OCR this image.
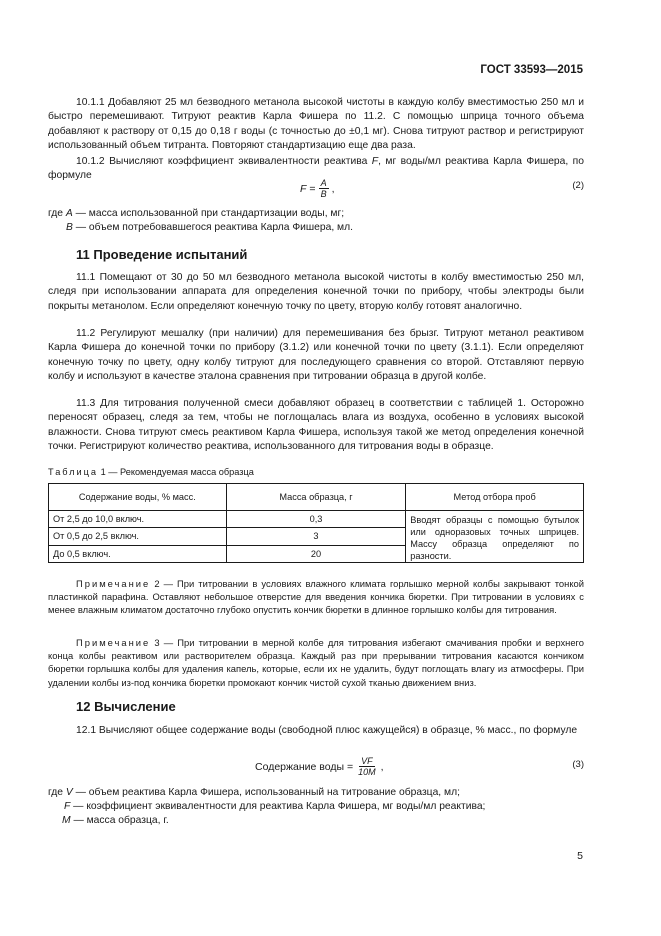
ГОСТ 33593—2015

10.1.1 Добавляют 25 мл безводного метанола высокой чистоты в каждую колбу вместимостью 250 мл и быстро перемешивают. Титруют реактив Карла Фишера по 11.2. С помощью шприца точного объема добавляют к раствору от 0,15 до 0,18 г воды (с точностью до ±0,1 мг). Снова титруют раствор и регистрируют использованный объем титранта. Повторяют стандартизацию еще два раза.

10.1.2 Вычисляют коэффициент эквивалентности реактива F, мг воды/мл реактива Карла Фишера, по формуле

$F = \frac{A}{B}$ ,	(2)

где A — масса использованной при стандартизации воды, мг;

B — объем потребовавшегося реактива Карла Фишера, мл.

11 Проведение испытаний

11.1 Помещают от 30 до 50 мл безводного метанола высокой чистоты в колбу вместимостью 250 мл, следя при использовании аппарата для определения конечной точки по прибору, чтобы электроды были покрыты метанолом. Если определяют конечную точку по цвету, вторую колбу готовят аналогично.

11.2 Регулируют мешалку (при наличии) для перемешивания без брызг. Титруют метанол реактивом Карла Фишера до конечной точки по прибору (3.1.2) или конечной точки по цвету (3.1.1). Если определяют конечную точку по цвету, одну колбу титруют для последующего сравнения со второй. Отставляют первую колбу и используют в качестве эталона сравнения при титровании образца в другой колбе.

11.3 Для титрования полученной смеси добавляют образец в соответствии с таблицей 1. Осторожно переносят образец, следя за тем, чтобы не поглощалась влага из воздуха, особенно в условиях высокой влажности. Снова титруют смесь реактивом Карла Фишера, используя такой же метод определения конечной точки. Регистрируют количество реактива, использованного для титрования воды в образце.

Таблица 1 — Рекомендуемая масса образца
Содержание воды, % масс.	Масса образца, г	Метод отбора проб
От 2,5 до 10,0 включ.	0,3	Вводят образцы с помощью бутылок или одноразовых точных шприцев. Массу образца определяют по разности.
От 0,5 до 2,5 включ.	3	
До 0,5 включ.	20	

Примечание 2 — При титровании в условиях влажного климата горлышко мерной колбы закрывают тонкой пластинкой парафина. Оставляют небольшое отверстие для введения кончика бюретки. При титровании в условиях с менее влажным климатом достаточно глубоко опустить кончик бюретки в длинное горлышко колбы для титрования.

Примечание 3 — При титровании в мерной колбе для титрования избегают смачивания пробки и верхнего конца колбы реактивом или растворителем образца. Каждый раз при прерывании титрования касаются кончиком бюретки горлышка колбы для удаления капель, которые, если их не удалить, будут поглощать влагу из атмосферы. При удалении колбы из-под кончика бюретки промокают кончик чистой сухой тканью движением вниз.

12 Вычисление

12.1 Вычисляют общее содержание воды (свободной плюс кажущейся) в образце, % масс., по формуле

Содержание воды = $\frac{VF}{10M}$ ,	(3)

где V — объем реактива Карла Фишера, использованный на титрование образца, мл;

F — коэффициент эквивалентности для реактива Карла Фишера, мг воды/мл реактива;

M — масса образца, г.

5
